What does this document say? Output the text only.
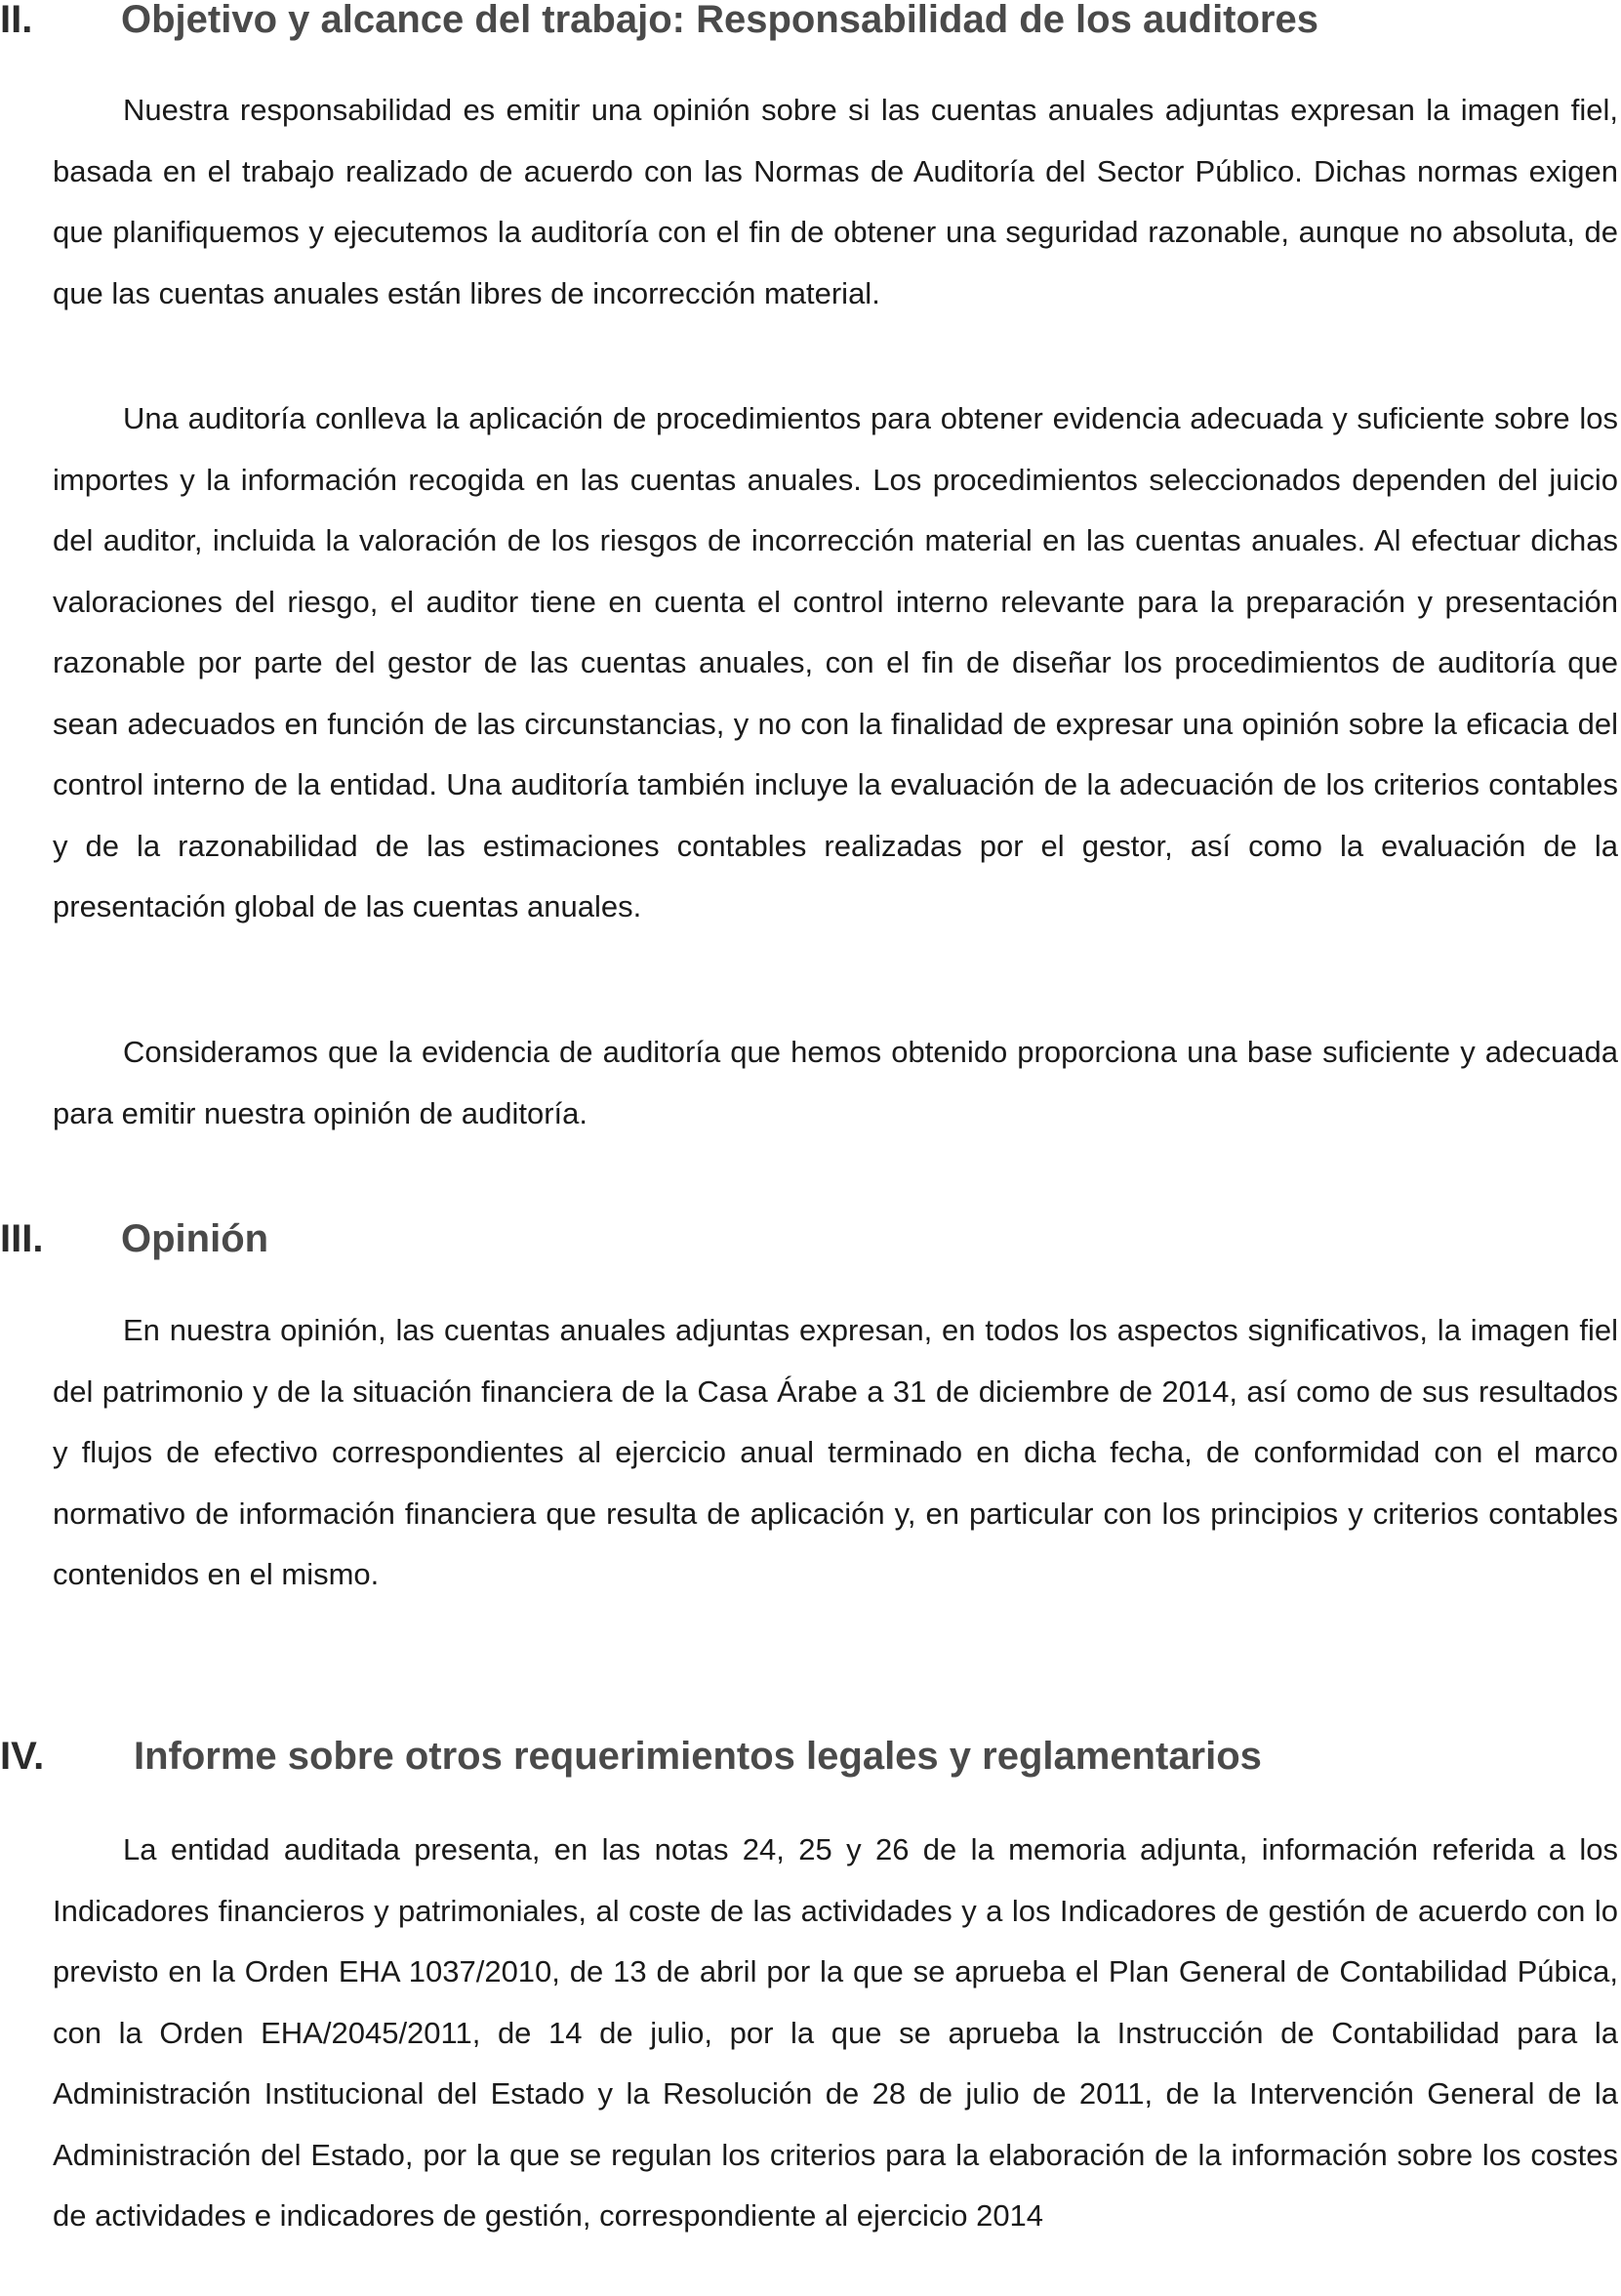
II. Objetivo y alcance del trabajo: Responsabilidad de los auditores

Nuestra responsabilidad es emitir una opinión sobre si las cuentas anuales adjuntas expresan la imagen fiel, basada en el trabajo realizado de acuerdo con las Normas de Auditoría del Sector Público. Dichas normas exigen que planifiquemos y ejecutemos la auditoría con el fin de obtener una seguridad razonable, aunque no absoluta, de que las cuentas anuales están libres de incorrección material.

Una auditoría conlleva la aplicación de procedimientos para obtener evidencia adecuada y suficiente sobre los importes y la información recogida en las cuentas anuales. Los procedimientos seleccionados dependen del juicio del auditor, incluida la valoración de los riesgos de incorrección material en las cuentas anuales. Al efectuar dichas valoraciones del riesgo, el auditor tiene en cuenta el control interno relevante para la preparación y presentación razonable por parte del gestor de las cuentas anuales, con el fin de diseñar los procedimientos de auditoría que sean adecuados en función de las circunstancias, y no con la finalidad de expresar una opinión sobre la eficacia del control interno de la entidad. Una auditoría también incluye la evaluación de la adecuación de los criterios contables y de la razonabilidad de las estimaciones contables realizadas por el gestor, así como la evaluación de la presentación global de las cuentas anuales.

Consideramos que la evidencia de auditoría que hemos obtenido proporciona una base suficiente y adecuada para emitir nuestra opinión de auditoría.

III. Opinión

En nuestra opinión, las cuentas anuales adjuntas expresan, en todos los aspectos significativos, la imagen fiel del patrimonio y de la situación financiera de la Casa Árabe a 31 de diciembre de 2014, así como de sus resultados y flujos de efectivo correspondientes al ejercicio anual terminado en dicha fecha, de conformidad con el marco normativo de información financiera que resulta de aplicación y, en particular con los principios y criterios contables contenidos en el mismo.

IV. Informe sobre otros requerimientos legales y reglamentarios

La entidad auditada presenta, en las notas 24, 25 y 26 de la memoria adjunta, información referida a los Indicadores financieros y patrimoniales, al coste de las actividades y a los Indicadores de gestión de acuerdo con lo previsto en la Orden EHA 1037/2010, de 13 de abril por la que se aprueba el Plan General de Contabilidad Púbica, con la Orden EHA/2045/2011, de 14 de julio, por la que se aprueba la Instrucción de Contabilidad para la Administración Institucional del Estado y la Resolución de 28 de julio de 2011, de la Intervención General de la Administración del Estado, por la que se regulan los criterios para la elaboración de la información sobre los costes de actividades e indicadores de gestión, correspondiente al ejercicio 2014
